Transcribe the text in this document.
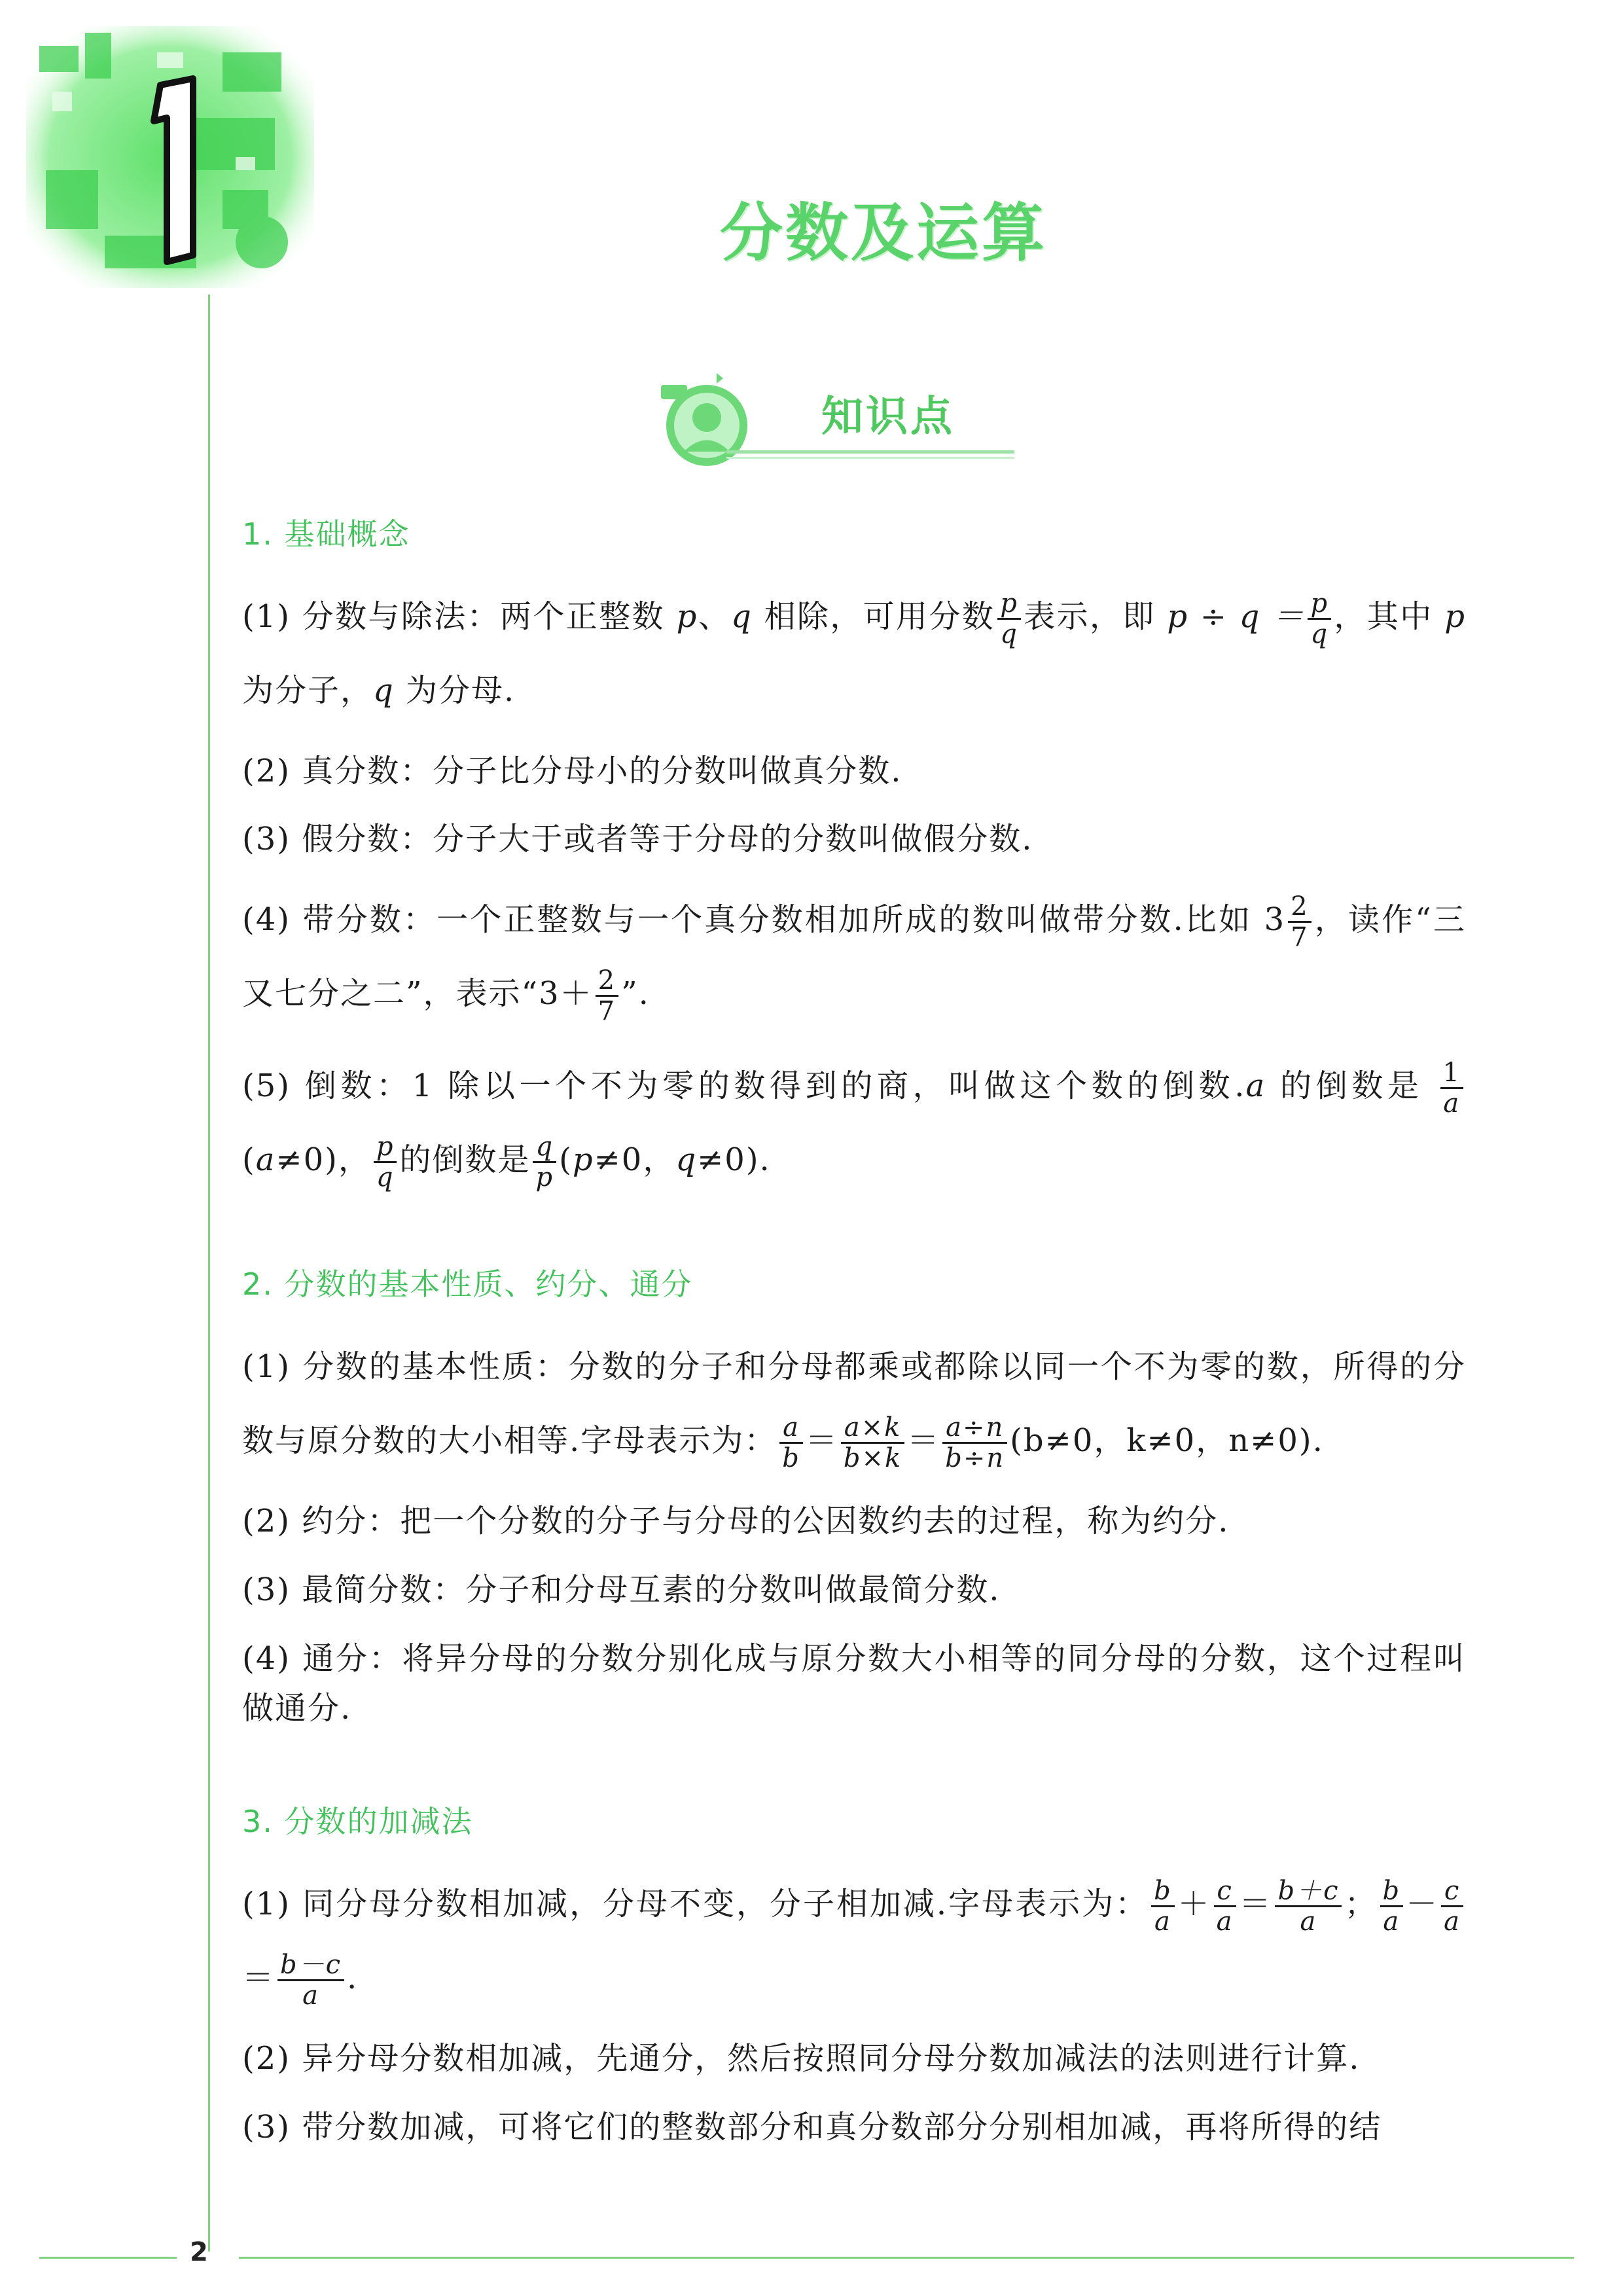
2
分数及运算
知识点
1. 基础概念
(1) 分数与除法：两个正整数 p、q 相除，可用分数 $\frac{p}{q}$ 表示，即 $p \div q = \frac{p}{q}$ ，其中 p 为分子，q 为分母.
(2) 真分数：分子比分母小的分数叫做真分数.
(3) 假分数：分子大于或者等于分母的分数叫做假分数.
(4) 带分数：一个正整数与一个真分数相加所成的数叫做带分数.比如 $3 \frac{2}{7}$ ，读作“三又七分之二”，表示“$3+ \frac{2}{7}$ ”.
(5) 倒数：1 除以一个不为零的数得到的商，叫做这个数的倒数.a 的倒数是 $\frac{1}{a}$
(a≠0)， $\frac{p}{q}$ 的倒数是 $\frac{q}{p} (p\ne 0$，q≠0).
2. 分数的基本性质、约分、通分
(1) 分数的基本性质：分数的分子和分母都乘或都除以同一个不为零的数，所得的分数与原分数的大小相等.字母表示为： $\frac{a}{b} = \frac{a\times k}{b\times k} = \frac{a\div n}{b\div n} (b\ne 0$，k≠0，n≠0).
(2) 约分：把一个分数的分子与分母的公因数约去的过程，称为约分.
(3) 最简分数：分子和分母互素的分数叫做最简分数.
(4) 通分：将异分母的分数分别化成与原分数大小相等的同分母的分数，这个过程叫做通分.
3. 分数的加减法
(1) 同分母分数相加减，分母不变，分子相加减.字母表示为： $\frac{b}{a} + \frac{c}{a} = \frac{b+c}{a}$ ； $\frac{b}{a} - \frac{c}{a}$
＝ $\frac{b-c}{a}$ .
(2) 异分母分数相加减，先通分，然后按照同分母分数加减法的法则进行计算.
(3) 带分数加减，可将它们的整数部分和真分数部分分别相加减，再将所得的结
